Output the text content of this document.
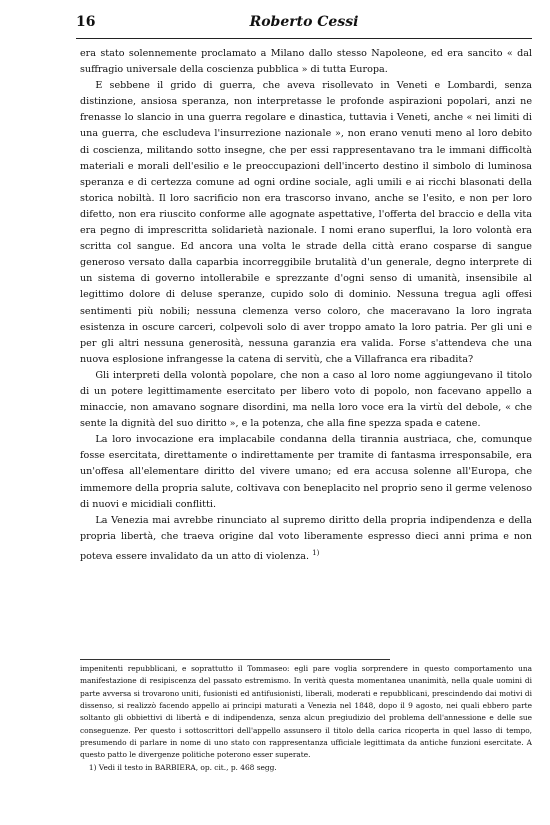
16	Roberto Cessi

era stato solennemente proclamato a Milano dallo stesso Napoleone, ed era sancito « dal suffragio universale della coscienza pubblica » di tutta Europa.

E sebbene il grido di guerra, che aveva risollevato in Veneti e Lombardi, senza distinzione, ansiosa speranza, non interpretasse le profonde aspirazioni popolari, anzi ne frenasse lo slancio in una guerra regolare e dinastica, tuttavia i Veneti, anche « nei limiti di una guerra, che escludeva l'insurrezione nazionale », non erano venuti meno al loro debito di coscienza, militando sotto insegne, che per essi rappresentavano tra le immani difficoltà materiali e morali dell'esilio e le preoccupazioni dell'incerto destino il simbolo di luminosa speranza e di certezza comune ad ogni ordine sociale, agli umili e ai ricchi blasonati della storica nobiltà. Il loro sacrificio non era trascorso invano, anche se l'esito, e non per loro difetto, non era riuscito conforme alle agognate aspettative, l'offerta del braccio e della vita era pegno di imprescritta solidarietà nazionale. I nomi erano superflui, la loro volontà era scritta col sangue. Ed ancora una volta le strade della città erano cosparse di sangue generoso versato dalla caparbia incorreggibile brutalità d'un generale, degno interprete di un sistema di governo intollerabile e sprezzante d'ogni senso di umanità, insensibile al legittimo dolore di deluse speranze, cupido solo di dominio. Nessuna tregua agli offesi sentimenti più nobili; nessuna clemenza verso coloro, che maceravano la loro ingrata esistenza in oscure carceri, colpevoli solo di aver troppo amato la loro patria. Per gli uni e per gli altri nessuna generosità, nessuna garanzia era valida. Forse s'attendeva che una nuova esplosione infrangesse la catena di servitù, che a Villafranca era ribadita?

Gli interpreti della volontà popolare, che non a caso al loro nome aggiungevano il titolo di un potere legittimamente esercitato per libero voto di popolo, non facevano appello a minaccie, non amavano sognare disordini, ma nella loro voce era la virtù del debole, « che sente la dignità del suo diritto », e la potenza, che alla fine spezza spada e catene.

La loro invocazione era implacabile condanna della tirannia austriaca, che, comunque fosse esercitata, direttamente o indirettamente per tramite di fantasma irresponsabile, era un'offesa all'elementare diritto del vivere umano; ed era accusa solenne all'Europa, che immemore della propria salute, coltivava con beneplacito nel proprio seno il germe velenoso di nuovi e micidiali conflitti.

La Venezia mai avrebbe rinunciato al supremo diritto della propria indipendenza e della propria libertà, che traeva origine dal voto liberamente espresso dieci anni prima e non poteva essere invalidato da un atto di violenza. $^{1)}$

impenitenti repubblicani, e soprattutto il Tommaseo: egli pare voglia sorprendere in questo comportamento una manifestazione di resipiscenza del passato estremismo. In verità questa momentanea unanimità, nella quale uomini di parte avversa si trovarono uniti, fusionisti ed antifusionisti, liberali, moderati e repubblicani, prescindendo dai motivi di dissenso, si realizzò facendo appello ai principi maturati a Venezia nel 1848, dopo il 9 agosto, nei quali ebbero parte soltanto gli obbiettivi di libertà e di indipendenza, senza alcun pregiudizio del problema dell'annessione e delle sue conseguenze. Per questo i sottoscrittori dell'appello assunsero il titolo della carica ricoperta in quel lasso di tempo, presumendo di parlare in nome di uno stato con rappresentanza ufficiale legittimata da antiche funzioni esercitate. A questo patto le divergenze politiche poterono esser superate.

1) Vedi il testo in BARBIERA, op. cit., p. 468 segg.
